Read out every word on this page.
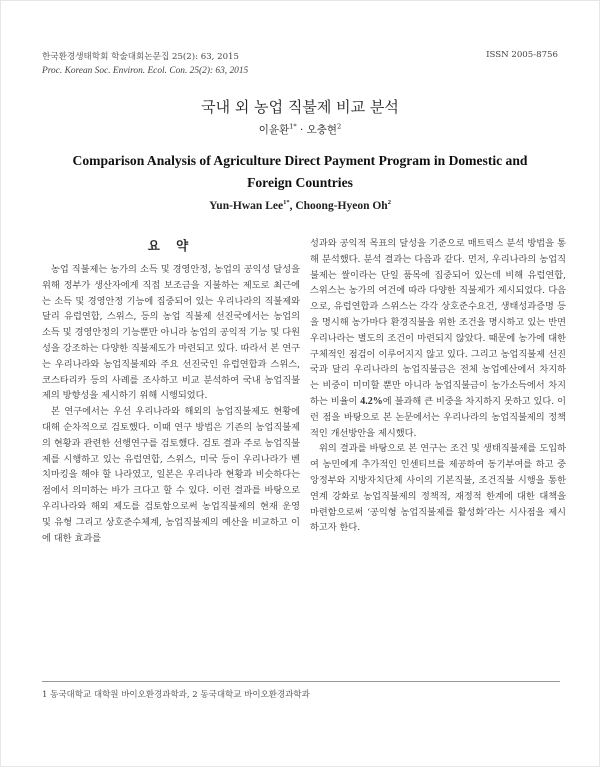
한국환경생태학회 학술대회논문집 25(2): 63, 2015
Proc. Korean Soc. Environ. Ecol. Con. 25(2): 63, 2015
ISSN 2005-8756
국내 외 농업 직불제 비교 분석
이윤환$^{1*}$ · 오충현$^2$
Comparison Analysis of Agriculture Direct Payment Program in Domestic and Foreign Countries
Yun-Hwan Lee$^{1*}$, Choong-Hyeon Oh$^2$
요 약

농업 직불제는 농가의 소득 및 경영안정, 농업의 공익성 달성을 위해 정부가 생산자에게 직접 보조금을 지불하는 제도로 최근에는 소득 및 경영안정 기능에 집중되어 있는 우리나라의 직불제와 달리 유럽연합, 스위스, 등의 농업 직불제 선진국에서는 농업의 소득 및 경영안정의 기능뿐만 아니라 농업의 공익적 기능 및 다원성을 강조하는 다양한 직불제도가 마련되고 있다. 따라서 본 연구는 우리나라와 농업직불제와 주요 선진국인 유럽연합과 스위스, 코스타리카 등의 사례를 조사하고 비교 분석하여 국내 농업직불제의 방향성을 제시하기 위해 시행되었다.

본 연구에서는 우선 우리나라와 해외의 농업직불제도 현황에 대해 순차적으로 검토했다. 이때 연구 방법은 기존의 농업직불제의 현황과 관련한 선행연구를 검토했다. 검토 결과 주로 농업직불제를 시행하고 있는 유럽연합, 스위스, 미국 등이 우리나라가 벤치마킹을 해야 할 나라였고, 일본은 우리나라 현황과 비슷하다는 점에서 의미하는 바가 크다고 할 수 있다. 이런 결과를 바탕으로 우리나라와 해외 제도를 검토함으로써 농업직불제의 현재 운영 및 유형 그리고 상호준수체계, 농업직불제의 예산을 비교하고 이에 대한 효과를

성과와 공익적 목표의 달성을 기준으로 매트릭스 분석 방법을 통해 분석했다. 분석 결과는 다음과 같다. 먼저, 우리나라의 농업직불제는 쌀이라는 단일 품목에 집중되어 있는데 비해 유럽연합, 스위스는 농가의 여건에 따라 다양한 직불제가 제시되었다. 다음으로, 유럽연합과 스위스는 각각 상호준수요건, 생태성과증명 등을 명시해 농가마다 환경직불을 위한 조건을 명시하고 있는 반면 우리나라는 별도의 조건이 마련되지 않았다. 때문에 농가에 대한 구체적인 점검이 이루어지지 않고 있다. 그리고 농업직불제 선진국과 달리 우리나라의 농업직불금은 전체 농업예산에서 차지하는 비중이 미미할 뿐만 아니라 농업직불금이 농가소득에서 차지하는 비율이 4.2%에 불과해 큰 비중을 차지하지 못하고 있다. 이런 점을 바탕으로 본 논문에서는 우리나라의 농업직불제의 정책적인 개선방안을 제시했다.

위의 결과를 바탕으로 본 연구는 조건 및 생태직불제를 도입하여 농민에게 추가적인 인센티브를 제공하여 동기부여를 하고 중앙정부와 지방자치단체 사이의 기본직불, 조건직불 시행을 통한 연계 강화로 농업직불제의 정책적, 재정적 한계에 대한 대책을 마련함으로써 ‘공익형 농업직불제를 활성화’라는 시사점을 제시하고자 한다.

1 동국대학교 대학원 바이오환경과학과, 2 동국대학교 바이오환경과학과
